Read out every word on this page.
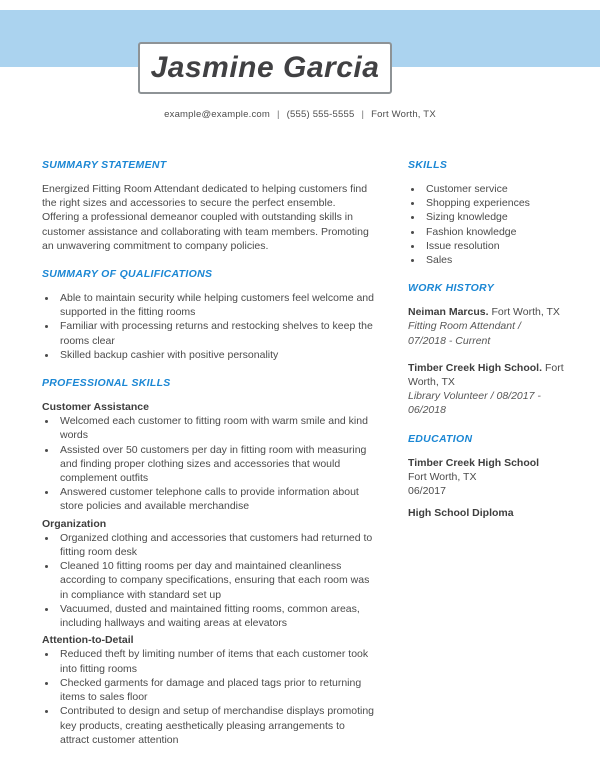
Jasmine Garcia
example@example.com | (555) 555-5555 | Fort Worth, TX
SUMMARY STATEMENT

Energized Fitting Room Attendant dedicated to helping customers find the right sizes and accessories to secure the perfect ensemble. Offering a professional demeanor coupled with outstanding skills in customer assistance and collaborating with team members. Promoting an unwavering commitment to company policies.

SUMMARY OF QUALIFICATIONS
• Able to maintain security while helping customers feel welcome and supported in the fitting rooms
• Familiar with processing returns and restocking shelves to keep the rooms clear
• Skilled backup cashier with positive personality
PROFESSIONAL SKILLS
Customer Assistance
• Welcomed each customer to fitting room with warm smile and kind words
• Assisted over 50 customers per day in fitting room with measuring and finding proper clothing sizes and accessories that would complement outfits
• Answered customer telephone calls to provide information about store policies and available merchandise
Organization
• Organized clothing and accessories that customers had returned to fitting room desk
• Cleaned 10 fitting rooms per day and maintained cleanliness according to company specifications, ensuring that each room was in compliance with standard set up
• Vacuumed, dusted and maintained fitting rooms, common areas, including hallways and waiting areas at elevators
Attention-to-Detail
• Reduced theft by limiting number of items that each customer took into fitting rooms
• Checked garments for damage and placed tags prior to returning items to sales floor
• Contributed to design and setup of merchandise displays promoting key products, creating aesthetically pleasing arrangements to attract customer attention
SKILLS
• Customer service
• Shopping experiences
• Sizing knowledge
• Fashion knowledge
• Issue resolution
• Sales
WORK HISTORY
Neiman Marcus. Fort Worth, TX
Fitting Room Attendant /
07/2018 - Current
Timber Creek High School. Fort Worth, TX
Library Volunteer / 08/2017 - 06/2018
EDUCATION
Timber Creek High School
Fort Worth, TX
06/2017
High School Diploma
